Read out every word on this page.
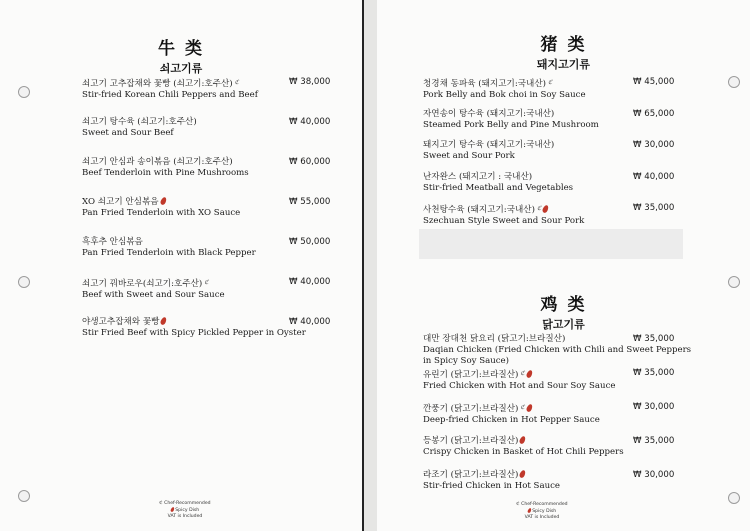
牛 类
쇠고기류
쇠고기 고추잡채와 꽃빵 (쇠고기:호주산) ℭ
Stir-fried Korean Chili Peppers and Beef
₩ 38,000
쇠고기 탕수육 (쇠고기:호주산)
Sweet and Sour Beef
₩ 40,000
쇠고기 안심과 송이볶음 (쇠고기:호주산)
Beef Tenderloin with Pine Mushrooms
₩ 60,000
XO 쇠고기 안심볶음
Pan Fried Tenderloin with XO Sauce
₩ 55,000
흑후추 안심볶음
Pan Fried Tenderloin with Black Pepper
₩ 50,000
쇠고기 꿔바로우(쇠고기:호주산) ℭ
Beef with Sweet and Sour Sauce
₩ 40,000
야생고추잡채와 꽃빵
Stir Fried Beef with Spicy Pickled Pepper in Oyster
₩ 40,000
ℭ Chef-Recommended
Spicy Dish
VAT is Included
猪 类
돼지고기류
청경채 동파육 (돼지고기:국내산) ℭ
Pork Belly and Bok choi in Soy Sauce
₩ 45,000
자연송이 탕수육 (돼지고기:국내산)
Steamed Pork Belly and Pine Mushroom
₩ 65,000
돼지고기 탕수육 (돼지고기:국내산)
Sweet and Sour Pork
₩ 30,000
난자완스 (돼지고기 : 국내산)
Stir-fried Meatball and Vegetables
₩ 40,000
사천탕수육 (돼지고기:국내산) ℭ
Szechuan Style Sweet and Sour Pork
₩ 35,000
鸡 类
닭고기류
대만 장대천 닭요리 (닭고기:브라질산)
Daqian Chicken (Fried Chicken with Chili and Sweet Peppers
in Spicy Soy Sauce)
₩ 35,000
유린기 (닭고기:브라질산) ℭ
Fried Chicken with Hot and Sour Soy Sauce
₩ 35,000
깐풍기 (닭고기:브라질산) ℭ
Deep-fried Chicken in Hot Pepper Sauce
₩ 30,000
등봉기 (닭고기:브라질산)
Crispy Chicken in Basket of Hot Chili Peppers
₩ 35,000
라조기 (닭고기:브라질산)
Stir-fried Chicken in Hot Sauce
₩ 30,000
ℭ Chef-Recommended
Spicy Dish
VAT is Included
